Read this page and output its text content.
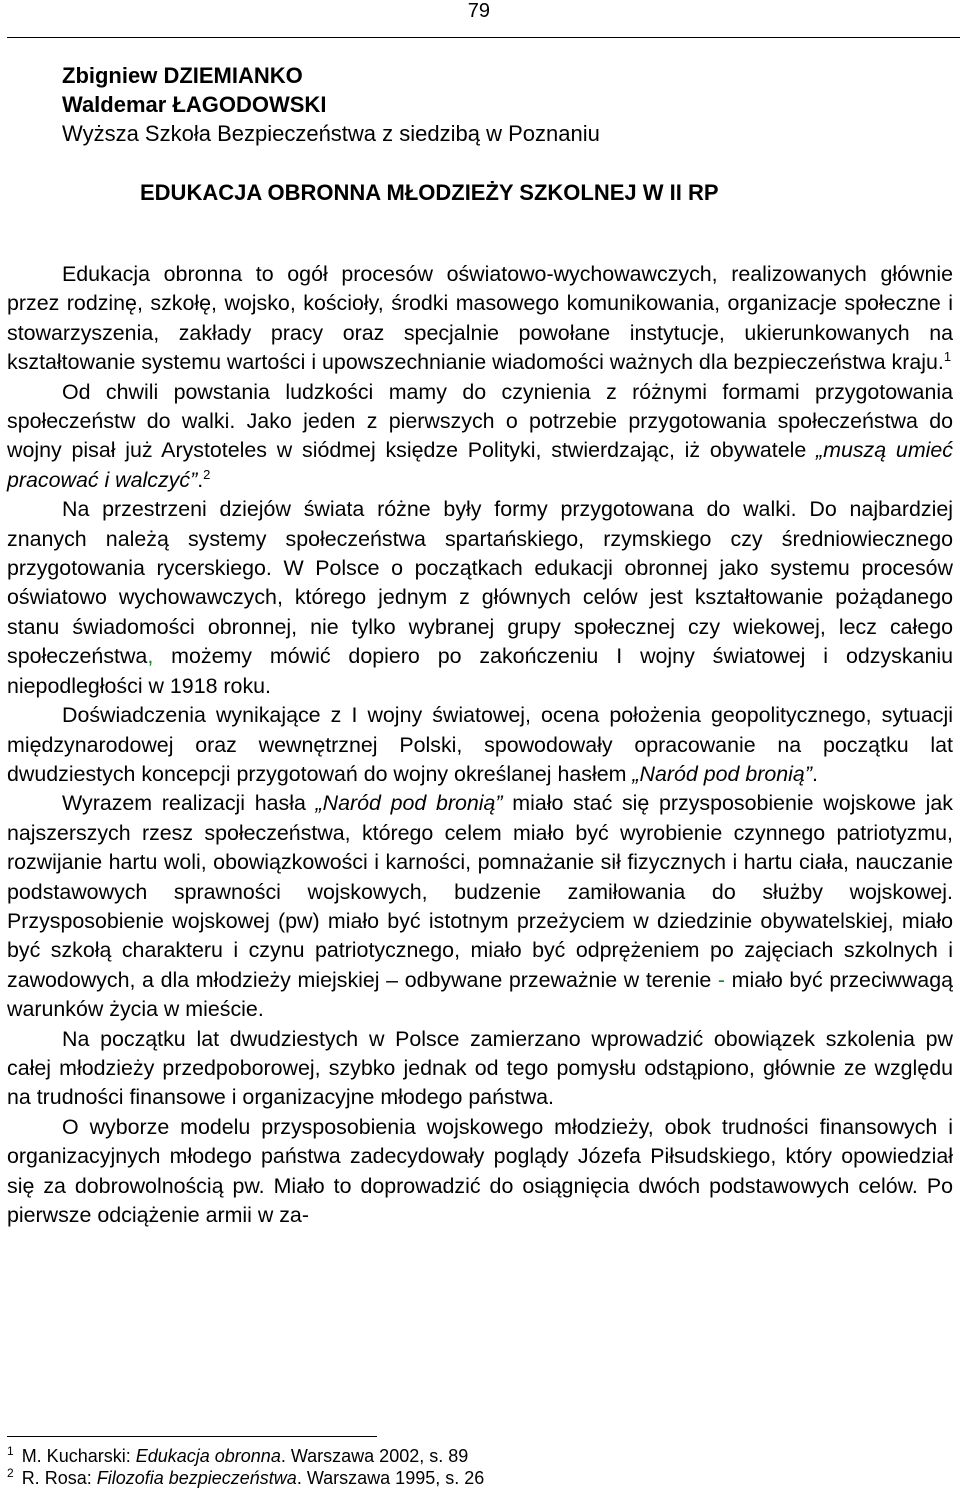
79
Zbigniew DZIEMIANKO
Waldemar ŁAGODOWSKI
Wyższa Szkoła Bezpieczeństwa z siedzibą w Poznaniu
EDUKACJA OBRONNA MŁODZIEŻY SZKOLNEJ W II RP

Edukacja obronna to ogół procesów oświatowo-wychowawczych, realizowanych głównie przez rodzinę, szkołę, wojsko, kościoły, środki masowego komunikowania, organizacje społeczne i stowarzyszenia, zakłady pracy oraz specjalnie powołane instytucje, ukierunkowanych na kształtowanie systemu wartości i upowszechnianie wiadomości ważnych dla bezpieczeństwa kraju.$^1$

Od chwili powstania ludzkości mamy do czynienia z różnymi formami przygotowania społeczeństw do walki. Jako jeden z pierwszych o potrzebie przygotowania społeczeństwa do wojny pisał już Arystoteles w siódmej księdze Polityki, stwierdzając, iż obywatele „muszą umieć pracować i walczyć”.$^2$

Na przestrzeni dziejów świata różne były formy przygotowana do walki. Do najbardziej znanych należą systemy społeczeństwa spartańskiego, rzymskiego czy średniowiecznego przygotowania rycerskiego. W Polsce o początkach edukacji obronnej jako systemu procesów oświatowo wychowawczych, którego jednym z głównych celów jest kształtowanie pożądanego stanu świadomości obronnej, nie tylko wybranej grupy społecznej czy wiekowej, lecz całego społeczeństwa, możemy mówić dopiero po zakończeniu I wojny światowej i odzyskaniu niepodległości w 1918 roku.

Doświadczenia wynikające z I wojny światowej, ocena położenia geopolitycznego, sytuacji międzynarodowej oraz wewnętrznej Polski, spowodowały opracowanie na początku lat dwudziestych koncepcji przygotowań do wojny określanej hasłem „Naród pod bronią”.

Wyrazem realizacji hasła „Naród pod bronią” miało stać się przysposobienie wojskowe jak najszerszych rzesz społeczeństwa, którego celem miało być wyrobienie czynnego patriotyzmu, rozwijanie hartu woli, obowiązkowości i karności, pomnażanie sił fizycznych i hartu ciała, nauczanie podstawowych sprawności wojskowych, budzenie zamiłowania do służby wojskowej. Przysposobienie wojskowej (pw) miało być istotnym przeżyciem w dziedzinie obywatelskiej, miało być szkołą charakteru i czynu patriotycznego, miało być odprężeniem po zajęciach szkolnych i zawodowych, a dla młodzieży miejskiej – odbywane przeważnie w terenie - miało być przeciwwagą warunków życia w mieście.

Na początku lat dwudziestych w Polsce zamierzano wprowadzić obowiązek szkolenia pw całej młodzieży przedpoborowej, szybko jednak od tego pomysłu odstąpiono, głównie ze względu na trudności finansowe i organizacyjne młodego państwa.

O wyborze modelu przysposobienia wojskowego młodzieży, obok trudności finansowych i organizacyjnych młodego państwa zadecydowały poglądy Józefa Piłsudskiego, który opowiedział się za dobrowolnością pw. Miało to doprowadzić do osiągnięcia dwóch podstawowych celów. Po pierwsze odciążenie armii w za-

$^1$ M. Kucharski: Edukacja obronna. Warszawa 2002, s. 89
$^2$ R. Rosa: Filozofia bezpieczeństwa. Warszawa 1995, s. 26
